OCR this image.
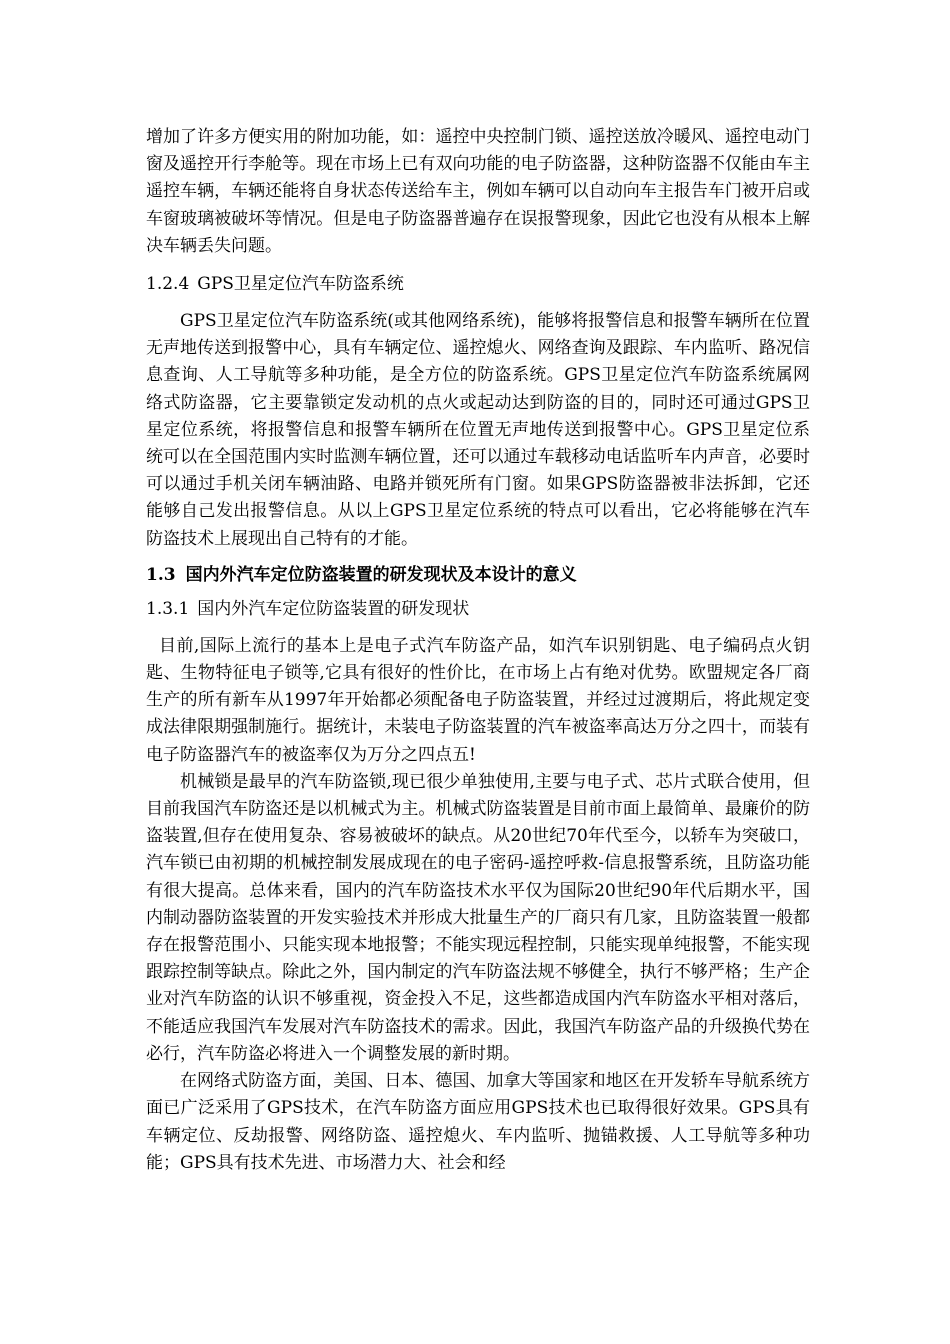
增加了许多方便实用的附加功能，如：遥控中央控制门锁、遥控送放冷暖风、遥控电动门窗及遥控开行李舱等。现在市场上已有双向功能的电子防盗器，这种防盗器不仅能由车主遥控车辆，车辆还能将自身状态传送给车主，例如车辆可以自动向车主报告车门被开启或车窗玻璃被破坏等情况。但是电子防盗器普遍存在误报警现象，因此它也没有从根本上解决车辆丢失问题。

1.2.4 GPS卫星定位汽车防盗系统

GPS卫星定位汽车防盗系统(或其他网络系统)，能够将报警信息和报警车辆所在位置无声地传送到报警中心，具有车辆定位、遥控熄火、网络查询及跟踪、车内监听、路况信息查询、人工导航等多种功能，是全方位的防盗系统。GPS卫星定位汽车防盗系统属网络式防盗器，它主要靠锁定发动机的点火或起动达到防盗的目的，同时还可通过GPS卫星定位系统，将报警信息和报警车辆所在位置无声地传送到报警中心。GPS卫星定位系统可以在全国范围内实时监测车辆位置，还可以通过车载移动电话监听车内声音，必要时可以通过手机关闭车辆油路、电路并锁死所有门窗。如果GPS防盗器被非法拆卸，它还能够自己发出报警信息。从以上GPS卫星定位系统的特点可以看出，它必将能够在汽车防盗技术上展现出自己特有的才能。

1.3 国内外汽车定位防盗装置的研发现状及本设计的意义
1.3.1 国内外汽车定位防盗装置的研发现状

目前,国际上流行的基本上是电子式汽车防盗产品，如汽车识别钥匙、电子编码点火钥匙、生物特征电子锁等,它具有很好的性价比，在市场上占有绝对优势。欧盟规定各厂商生产的所有新车从1997年开始都必须配备电子防盗装置，并经过过渡期后，将此规定变成法律限期强制施行。据统计，未装电子防盗装置的汽车被盗率高达万分之四十，而装有电子防盗器汽车的被盗率仅为万分之四点五!

机械锁是最早的汽车防盗锁,现已很少单独使用,主要与电子式、芯片式联合使用，但目前我国汽车防盗还是以机械式为主。机械式防盗装置是目前市面上最简单、最廉价的防盗装置,但存在使用复杂、容易被破坏的缺点。从20世纪70年代至今，以轿车为突破口，汽车锁已由初期的机械控制发展成现在的电子密码-遥控呼救-信息报警系统，且防盗功能有很大提高。总体来看，国内的汽车防盗技术水平仅为国际20世纪90年代后期水平，国内制动器防盗装置的开发实验技术并形成大批量生产的厂商只有几家，且防盗装置一般都存在报警范围小、只能实现本地报警；不能实现远程控制，只能实现单纯报警，不能实现跟踪控制等缺点。除此之外，国内制定的汽车防盗法规不够健全，执行不够严格；生产企业对汽车防盗的认识不够重视，资金投入不足，这些都造成国内汽车防盗水平相对落后，不能适应我国汽车发展对汽车防盗技术的需求。因此，我国汽车防盗产品的升级换代势在必行，汽车防盗必将进入一个调整发展的新时期。

在网络式防盗方面，美国、日本、德国、加拿大等国家和地区在开发轿车导航系统方面已广泛采用了GPS技术，在汽车防盗方面应用GPS技术也已取得很好效果。GPS具有车辆定位、反劫报警、网络防盗、遥控熄火、车内监听、抛锚救援、人工导航等多种功能；GPS具有技术先进、市场潜力大、社会和经
